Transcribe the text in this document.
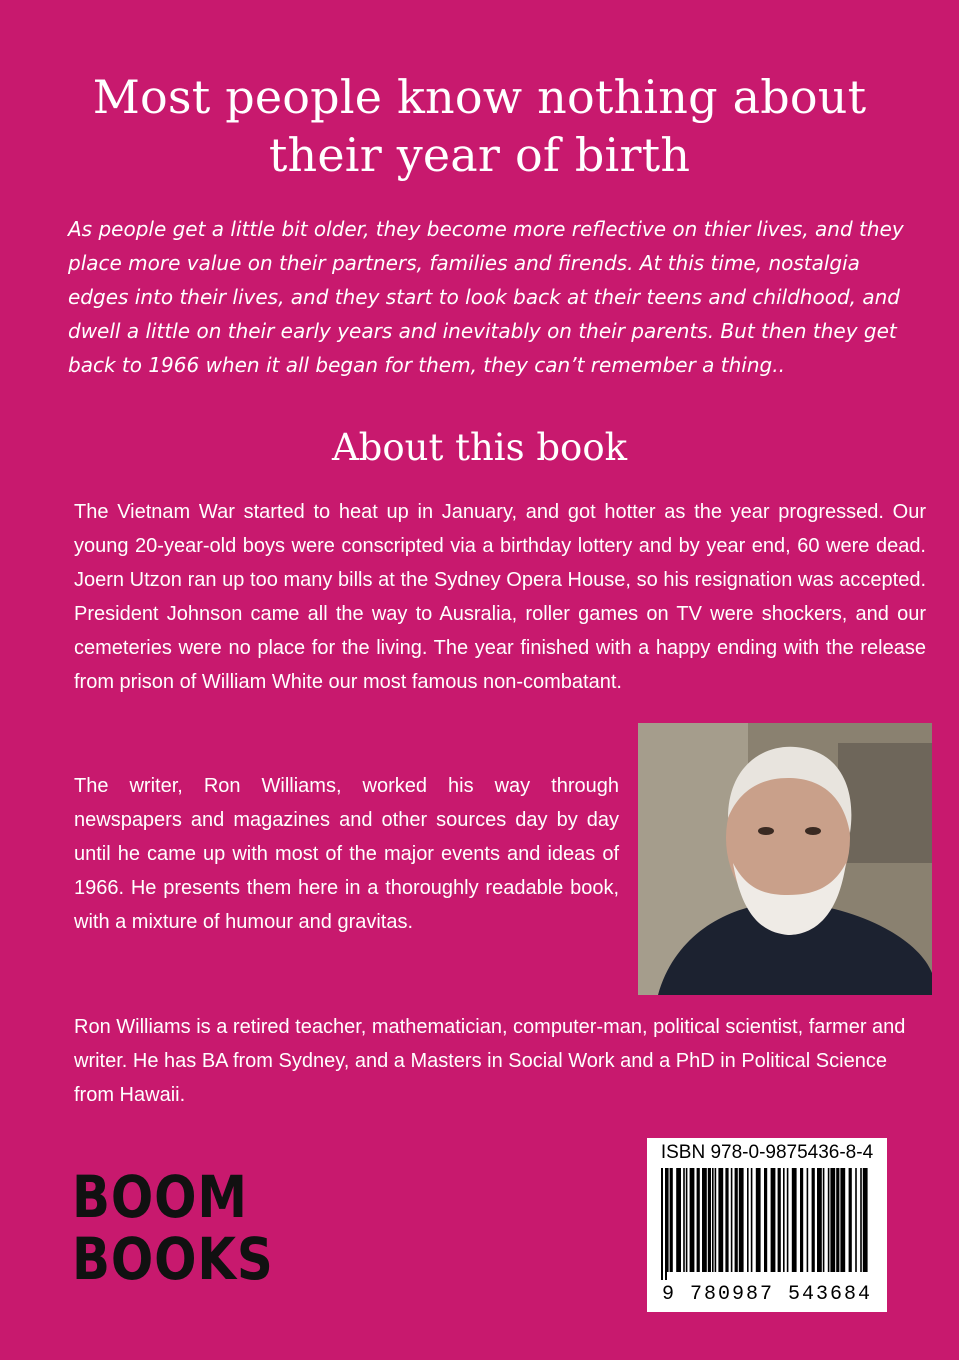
Most people know nothing about
their year of birth

As people get a little bit older, they become more reflective on thier lives, and they place more value on their partners, families and firends. At this time, nostalgia edges into their lives, and they start to look back at their teens and childhood, and dwell a little on their early years and inevitably on their parents. But then they get back to 1966 when it all began for them, they can’t remember a thing..

About this book

The Vietnam War started to heat up in January, and got hotter as the year progressed. Our young 20-year-old boys were conscripted via a birthday lottery and by year end, 60 were dead. Joern Utzon ran up too many bills at the Sydney Opera House, so his resignation was accepted. President Johnson came all the way to Ausralia, roller games on TV were shockers, and our cemeteries were no place for the living. The year finished with a happy ending with the release from prison of William White our most famous non-combatant.

The writer, Ron Williams, worked his way through newspapers and magazines and other sources day by day until he came up with most of the major events and ideas of 1966. He presents them here in a thoroughly readable book, with a mixture of humour and gravitas.

Ron Williams is a retired teacher, mathematician, computer-man, political scientist, farmer and writer. He has BA from Sydney, and a Masters in Social Work and a PhD in Political Science from Hawaii.

BOOM
BOOKS
ISBN 978-0-9875436-8-4
9 780987 543684
